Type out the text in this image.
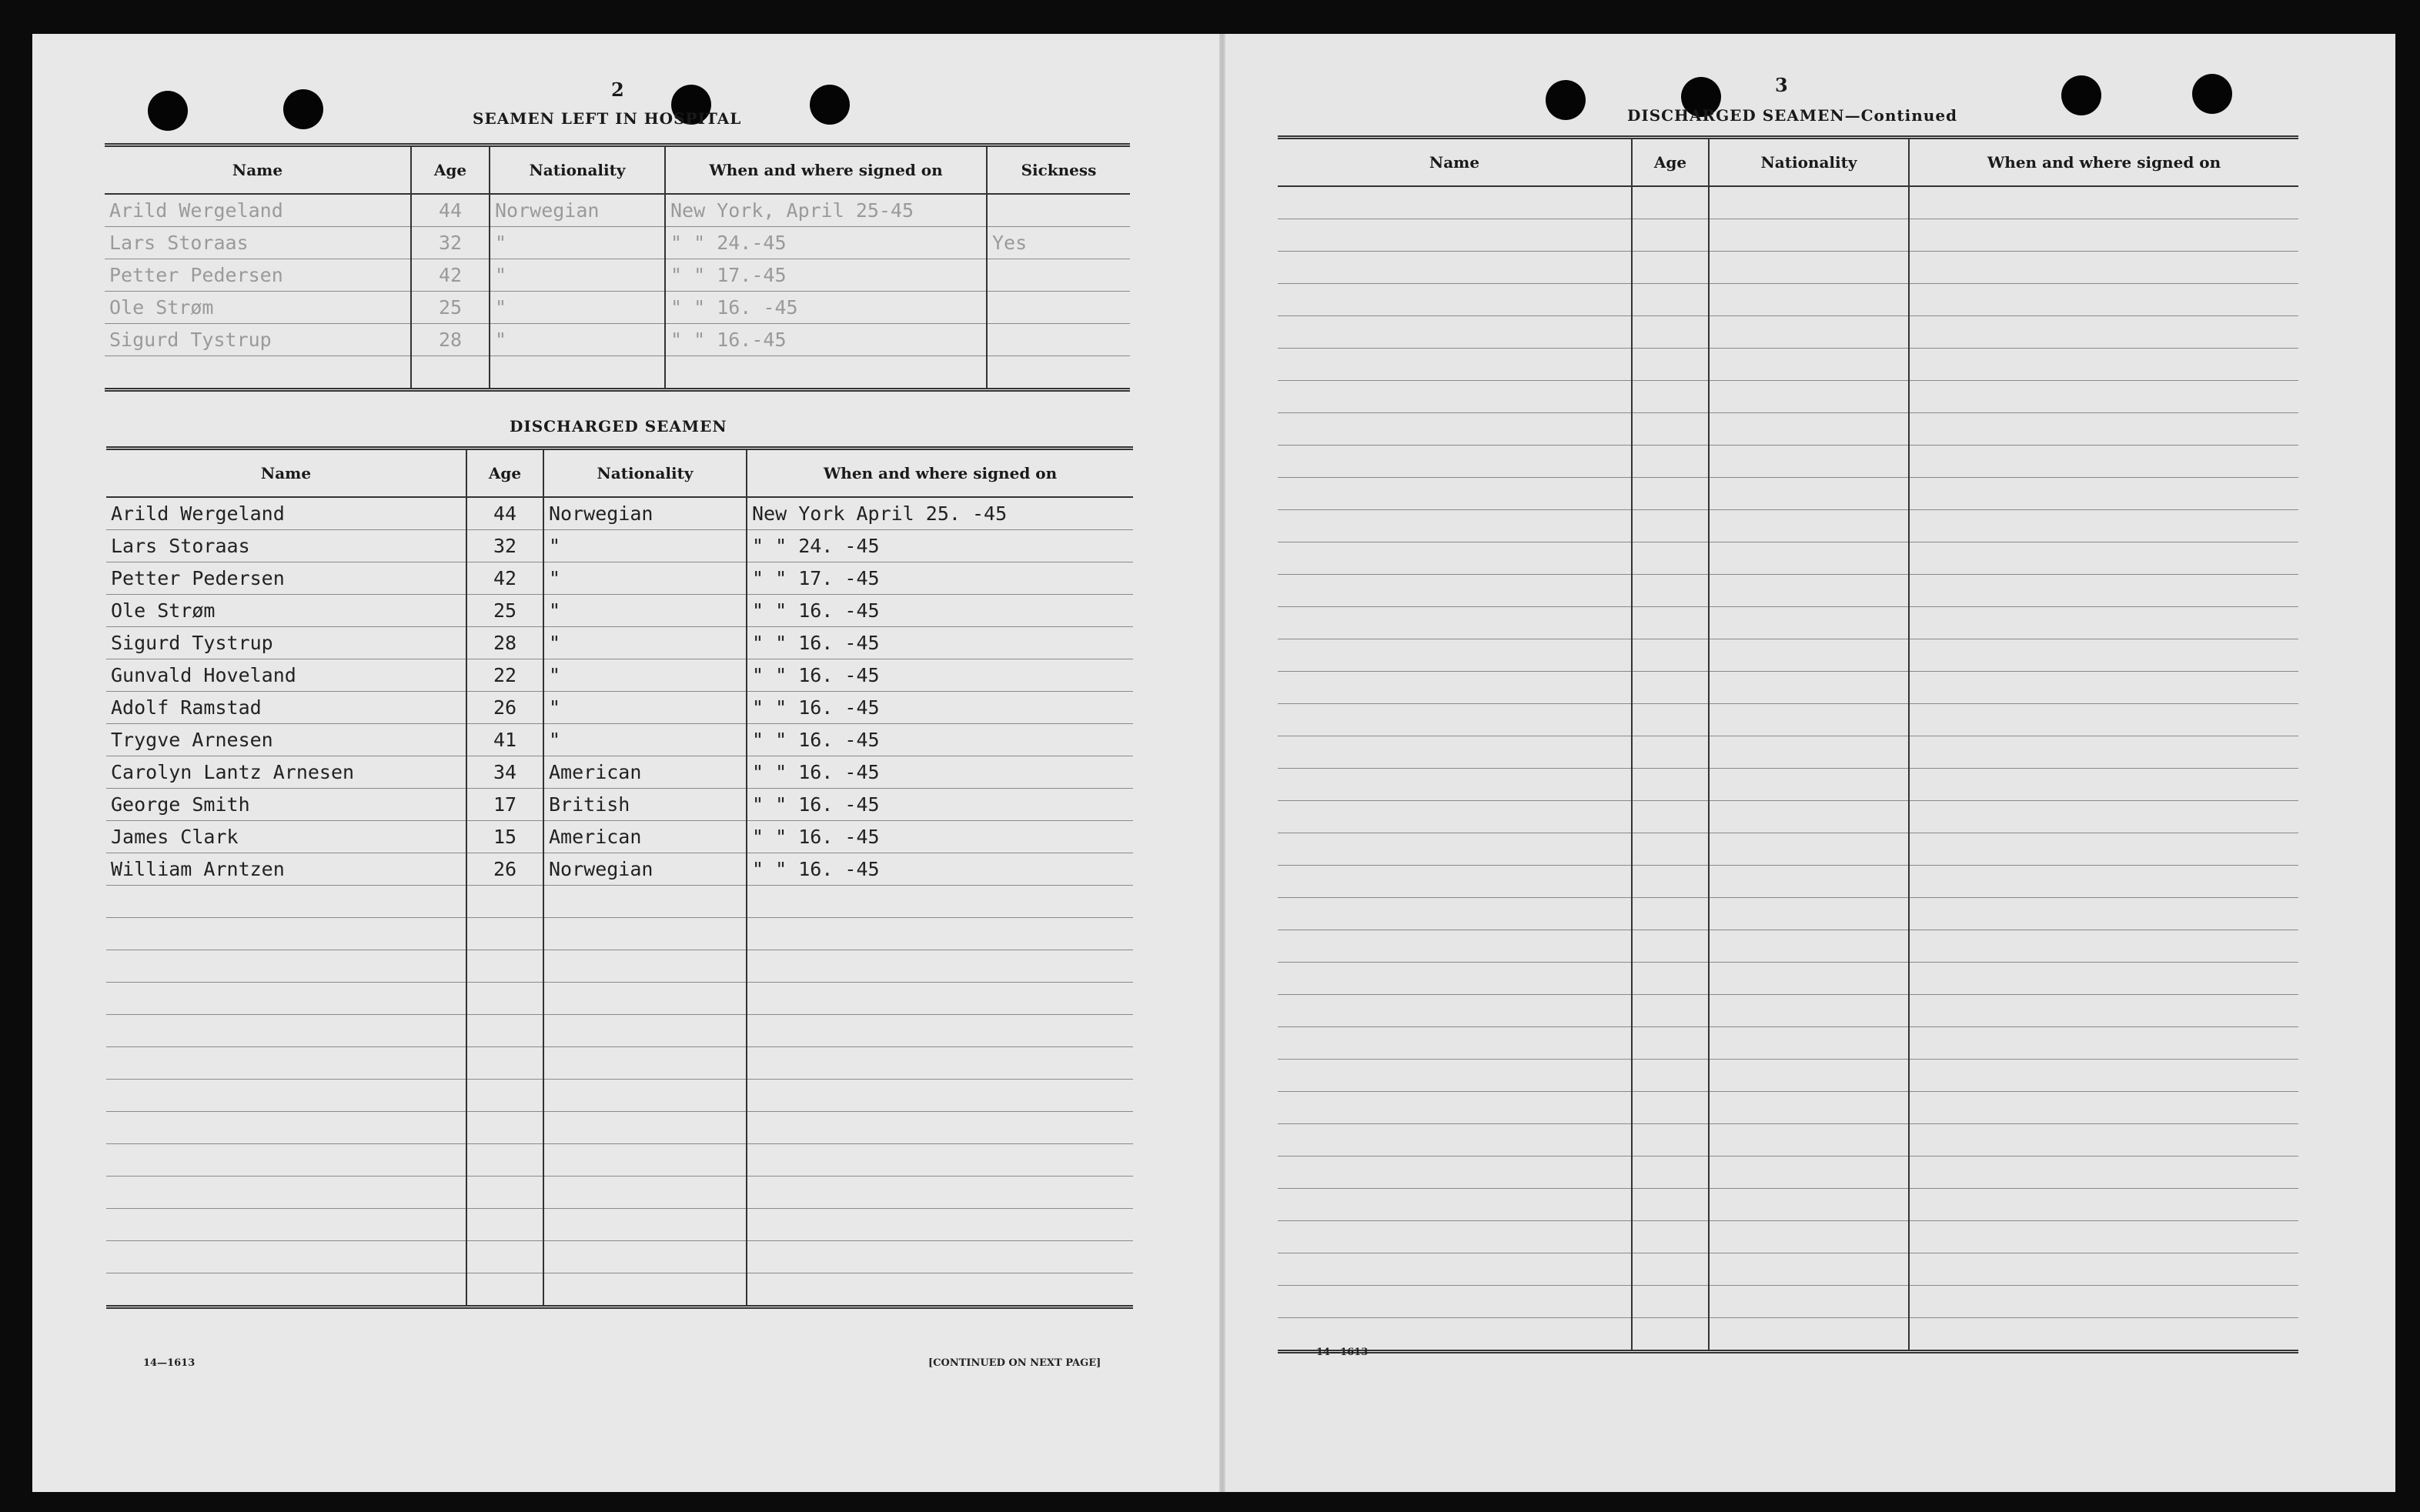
2
SEAMEN LEFT IN HOSPITAL
Name	Age	Nationality	When and where signed on	Sickness
Arild Wergeland	44	Norwegian	New York, April 25-45	
Lars Storaas	32	"	" " 24.-45	Yes
Petter Pedersen	42	"	" " 17.-45	
Ole Strøm	25	"	" " 16. -45	
Sigurd Tystrup	28	"	" " 16.-45	

DISCHARGED SEAMEN
Name	Age	Nationality	When and where signed on
Arild Wergeland	44	Norwegian	New York April 25. -45
Lars Storaas	32	"	" " 24. -45
Petter Pedersen	42	"	" " 17. -45
Ole Strøm	25	"	" " 16. -45
Sigurd Tystrup	28	"	" " 16. -45
Gunvald Hoveland	22	"	" " 16. -45
Adolf Ramstad	26	"	" " 16. -45
Trygve Arnesen	41	"	" " 16. -45
Carolyn Lantz Arnesen	34	American	" " 16. -45
George Smith	17	British	" " 16. -45
James Clark	15	American	" " 16. -45
William Arntzen	26	Norwegian	" " 16. -45

14—1613	[CONTINUED ON NEXT PAGE]
3
DISCHARGED SEAMEN—Continued
Name	Age	Nationality	When and where signed on

14—1613
